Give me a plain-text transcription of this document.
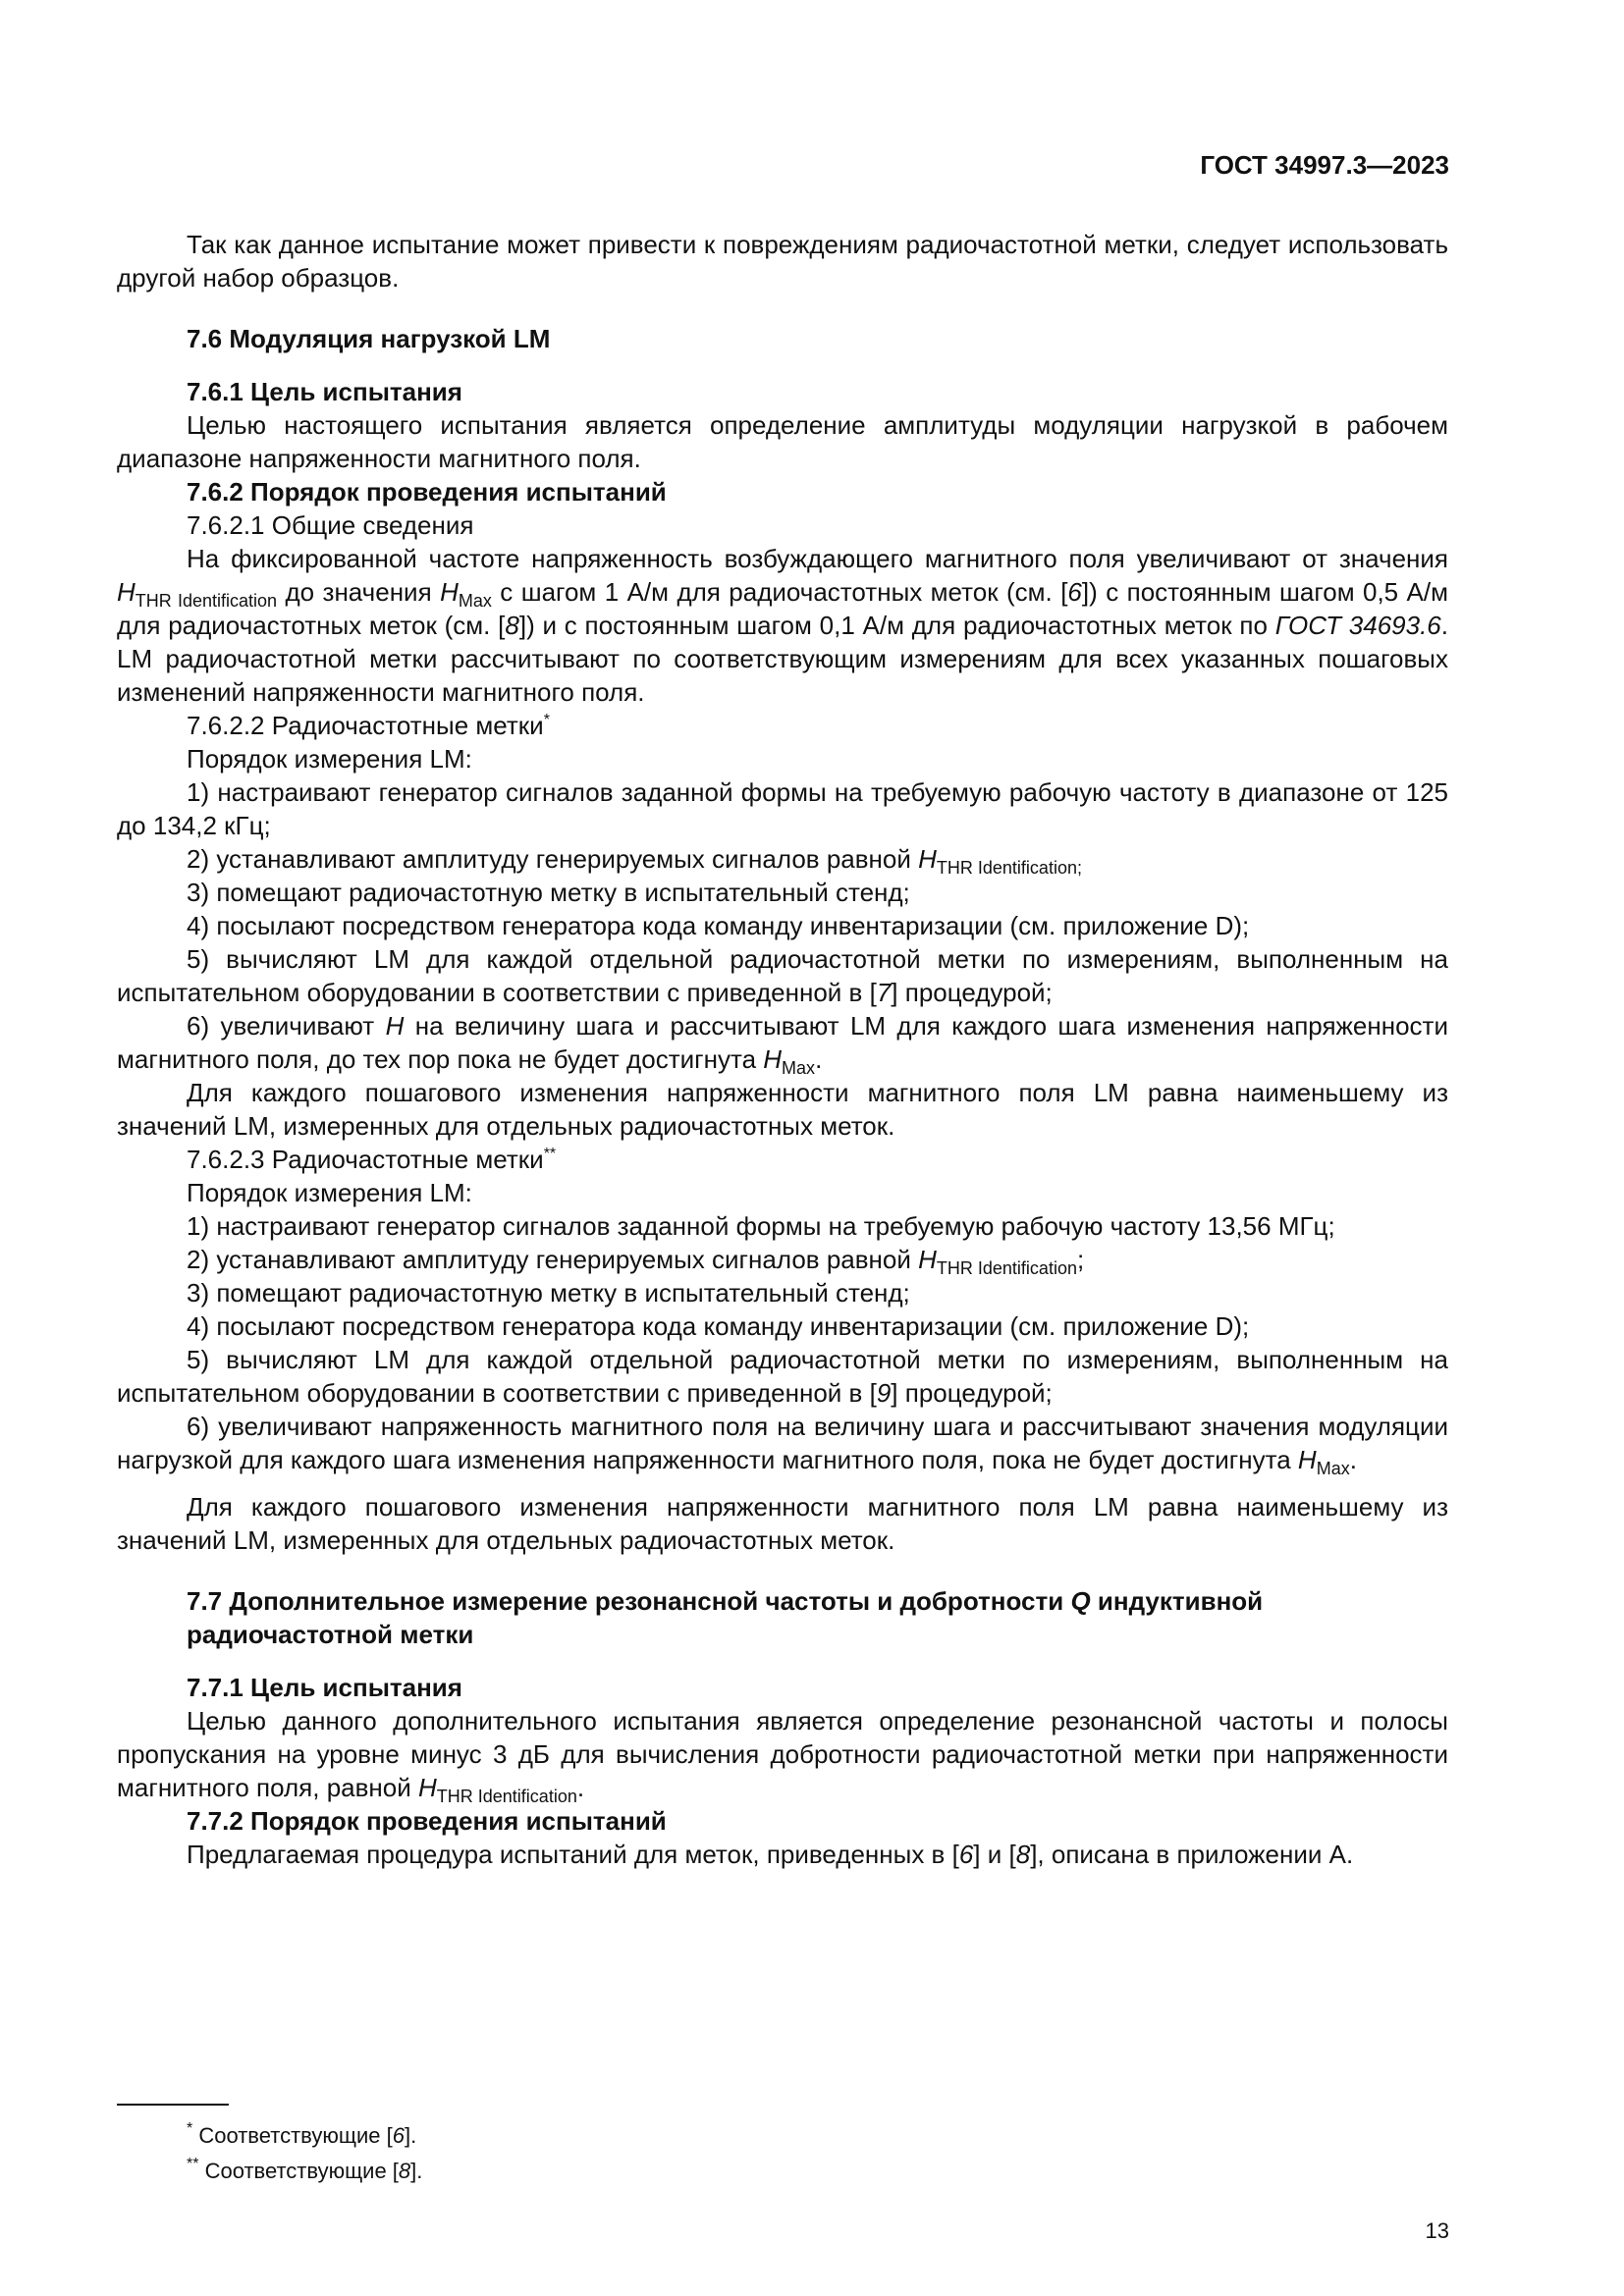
ГОСТ 34997.3—2023

Так как данное испытание может привести к повреждениям радиочастотной метки, следует использовать другой набор образцов.

7.6 Модуляция нагрузкой LM

7.6.1 Цель испытания

Целью настоящего испытания является определение амплитуды модуляции нагрузкой в рабочем диапазоне напряженности магнитного поля.

7.6.2 Порядок проведения испытаний

7.6.2.1 Общие сведения

На фиксированной частоте напряженность возбуждающего магнитного поля увеличивают от значения $H_{THR Identification}$ до значения $H_{Max}$ с шагом 1 А/м для радиочастотных меток (см. [6]) с постоянным шагом 0,5 А/м для радиочастотных меток (см. [8]) и с постоянным шагом 0,1 А/м для радиочастотных меток по ГОСТ 34693.6. LM радиочастотной метки рассчитывают по соответствующим измерениям для всех указанных пошаговых изменений напряженности магнитного поля.

7.6.2.2 Радиочастотные метки*

Порядок измерения LM:

1) настраивают генератор сигналов заданной формы на требуемую рабочую частоту в диапазоне от 125 до 134,2 кГц;

2) устанавливают амплитуду генерируемых сигналов равной $H_{THR Identification;}$

3) помещают радиочастотную метку в испытательный стенд;

4) посылают посредством генератора кода команду инвентаризации (см. приложение D);

5) вычисляют LM для каждой отдельной радиочастотной метки по измерениям, выполненным на испытательном оборудовании в соответствии с приведенной в [7] процедурой;

6) увеличивают H на величину шага и рассчитывают LM для каждого шага изменения напряженности магнитного поля, до тех пор пока не будет достигнута $H_{Max}$.

Для каждого пошагового изменения напряженности магнитного поля LM равна наименьшему из значений LM, измеренных для отдельных радиочастотных меток.

7.6.2.3 Радиочастотные метки**

Порядок измерения LM:

1) настраивают генератор сигналов заданной формы на требуемую рабочую частоту 13,56 МГц;

2) устанавливают амплитуду генерируемых сигналов равной $H_{THR Identification}$;

3) помещают радиочастотную метку в испытательный стенд;

4) посылают посредством генератора кода команду инвентаризации (см. приложение D);

5) вычисляют LM для каждой отдельной радиочастотной метки по измерениям, выполненным на испытательном оборудовании в соответствии с приведенной в [9] процедурой;

6) увеличивают напряженность магнитного поля на величину шага и рассчитывают значения модуляции нагрузкой для каждого шага изменения напряженности магнитного поля, пока не будет достигнута $H_{Max}$.

Для каждого пошагового изменения напряженности магнитного поля LM равна наименьшему из значений LM, измеренных для отдельных радиочастотных меток.

7.7 Дополнительное измерение резонансной частоты и добротности Q индуктивной
радиочастотной метки

7.7.1 Цель испытания

Целью данного дополнительного испытания является определение резонансной частоты и полосы пропускания на уровне минус 3 дБ для вычисления добротности радиочастотной метки при напряженности магнитного поля, равной $H_{THR Identification}$.

7.7.2 Порядок проведения испытаний

Предлагаемая процедура испытаний для меток, приведенных в [6] и [8], описана в приложении А.

* Соответствующие [6].
** Соответствующие [8].
13
